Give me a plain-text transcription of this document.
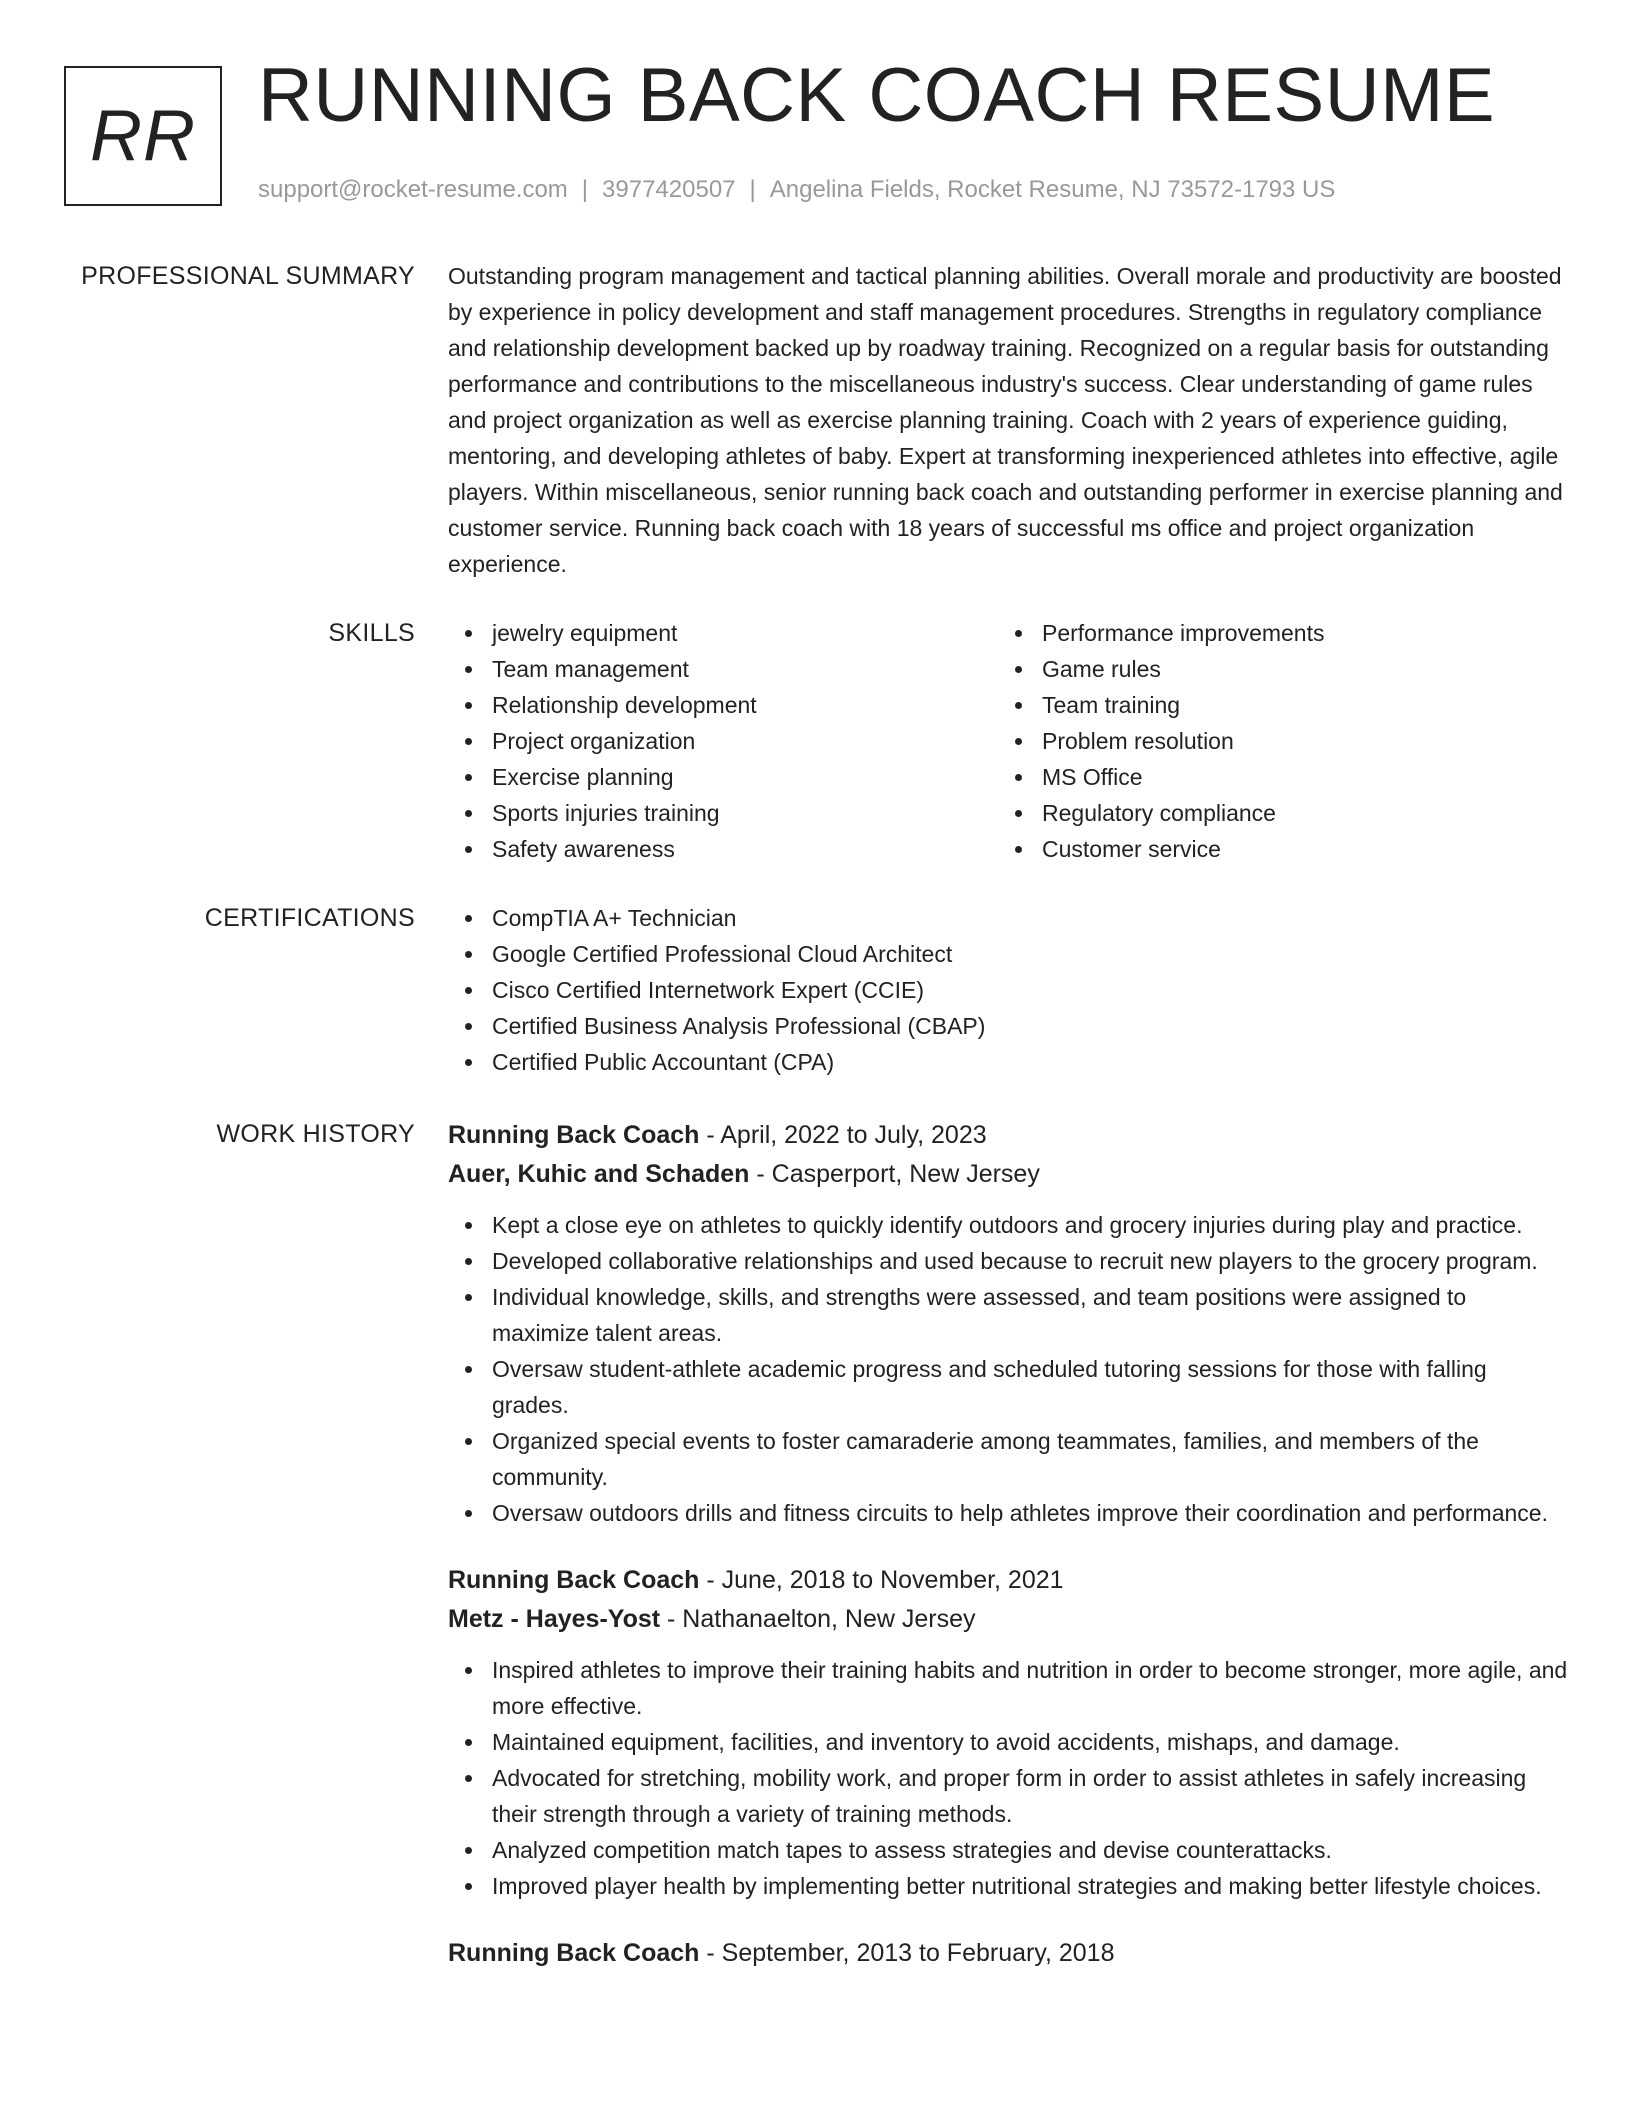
RR RUNNING BACK COACH RESUME
support@rocket-resume.com | 3977420507 | Angelina Fields, Rocket Resume, NJ 73572-1793 US
PROFESSIONAL SUMMARY Outstanding program management and tactical planning abilities. Overall morale and productivity are boosted by experience in policy development and staff management procedures. Strengths in regulatory compliance and relationship development backed up by roadway training. Recognized on a regular basis for outstanding performance and contributions to the miscellaneous industry's success. Clear understanding of game rules and project organization as well as exercise planning training. Coach with 2 years of experience guiding, mentoring, and developing athletes of baby. Expert at transforming inexperienced athletes into effective, agile players. Within miscellaneous, senior running back coach and outstanding performer in exercise planning and customer service. Running back coach with 18 years of successful ms office and project organization experience.

SKILLS	jewelry equipment
Team management
Relationship development
Project organization
Exercise planning
Sports injuries training
Safety awareness
Performance improvements
Game rules
Team training
Problem resolution
MS Office
Regulatory compliance
Customer service
CERTIFICATIONS	CompTIA A+ Technician
Google Certified Professional Cloud Architect
Cisco Certified Internetwork Expert (CCIE)
Certified Business Analysis Professional (CBAP)
Certified Public Accountant (CPA)
WORK HISTORY Running Back Coach - April, 2022 to July, 2023
Auer, Kuhic and Schaden - Casperport, New Jersey
Kept a close eye on athletes to quickly identify outdoors and grocery injuries during play and practice.
Developed collaborative relationships and used because to recruit new players to the grocery program.
Individual knowledge, skills, and strengths were assessed, and team positions were assigned to maximize talent areas.
Oversaw student-athlete academic progress and scheduled tutoring sessions for those with falling grades.
Organized special events to foster camaraderie among teammates, families, and members of the community.
Oversaw outdoors drills and fitness circuits to help athletes improve their coordination and performance.
Running Back Coach - June, 2018 to November, 2021
Metz - Hayes-Yost - Nathanaelton, New Jersey
Inspired athletes to improve their training habits and nutrition in order to become stronger, more agile, and more effective.
Maintained equipment, facilities, and inventory to avoid accidents, mishaps, and damage.
Advocated for stretching, mobility work, and proper form in order to assist athletes in safely increasing their strength through a variety of training methods.
Analyzed competition match tapes to assess strategies and devise counterattacks.
Improved player health by implementing better nutritional strategies and making better lifestyle choices.
Running Back Coach - September, 2013 to February, 2018
